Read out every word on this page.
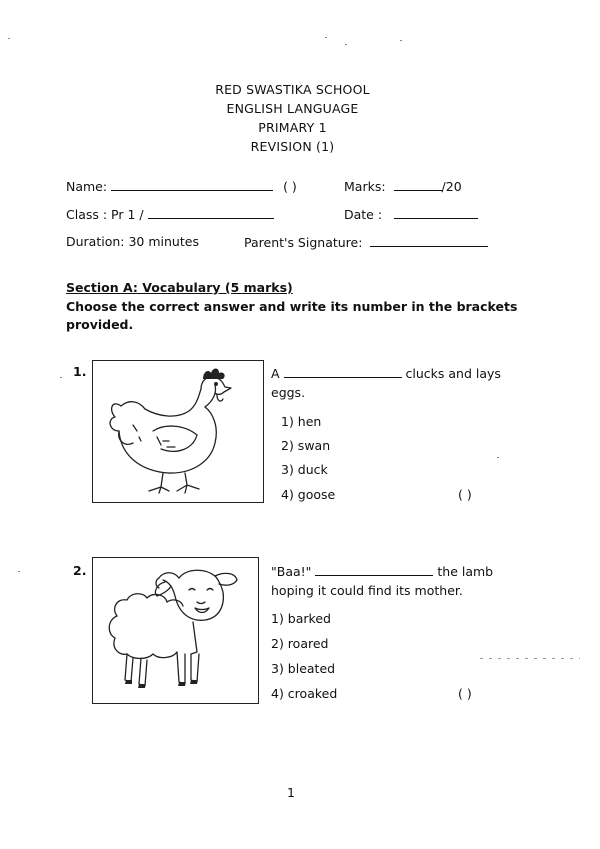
RED SWASTIKA SCHOOL
ENGLISH LANGUAGE
PRIMARY 1
REVISION (1)
Name:	( )	Marks:	/20
Class : Pr 1 /	Date :
Duration: 30 minutes	Parent's Signature:
Section A: Vocabulary (5 marks)
Choose the correct answer and write its number in the brackets provided.
1.	A	clucks and lays eggs.
1) hen
2) swan
3) duck
4) goose	( )
2.	"Baa!"	the lamb hoping it could find its mother.
1) barked
2) roared
3) bleated
4) croaked	( )
1
